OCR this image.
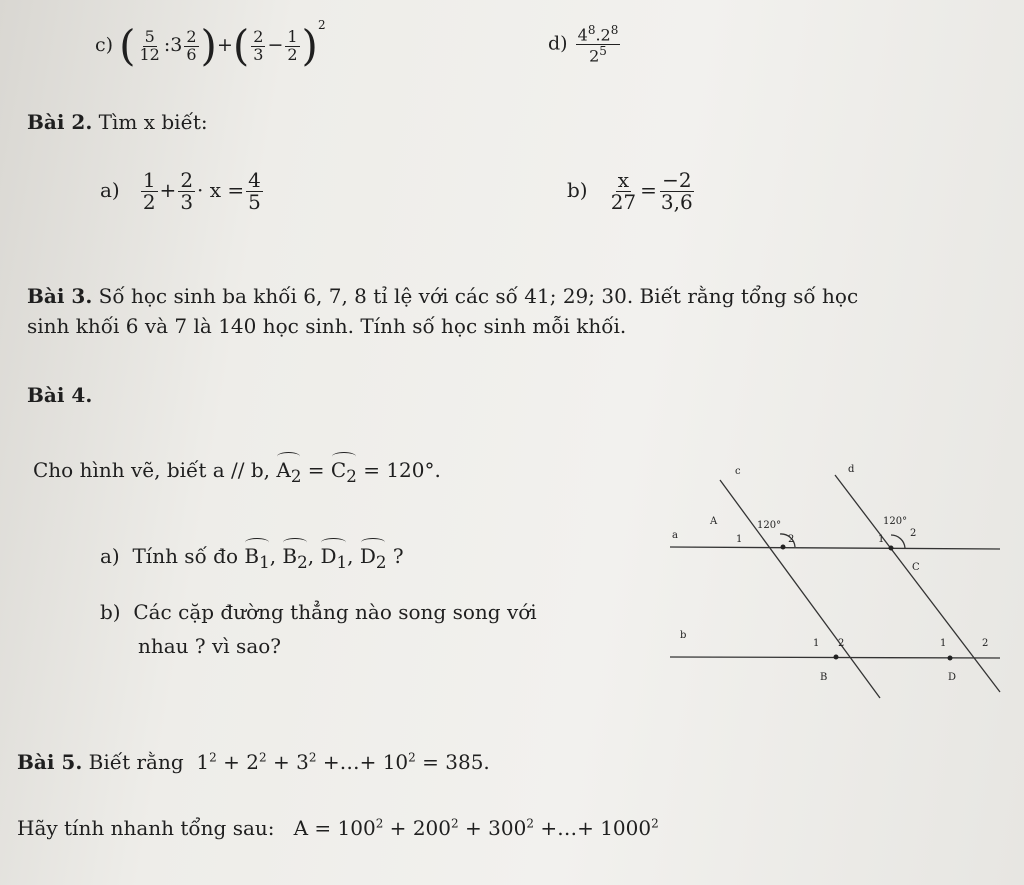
c) ( $\frac{5}{12}$ :3 $\frac{2}{6}$ )+( $\frac{2}{3} - \frac{1}{2} )^2$
$d) \frac{4^8.2^8}{2^5}$
Bài 2. Tìm x biết:
$a) \frac{1}{2} + \frac{2}{3} \cdot x = \frac{4}{5}$	$b) \frac{x}{27} = \frac{-2}{3,6}$
Bài 3. Số học sinh ba khối 6, 7, 8 tỉ lệ với các số 41; 29; 30. Biết rằng tổng số học
sinh khối 6 và 7 là 140 học sinh. Tính số học sinh mỗi khối.
Bài 4.
Cho hình vẽ, biết a // b, $A_2 = C_2 = 120^\circ$.
a) Tính số đo $B_1$, $B_2$, $D_1$, $D_2$ ?
b) Các cặp đường thẳng nào song song với
nhau ? vì sao?
c	d
a
b
A
C
B	D
120°	120°
1	2	1
2
1 2	1	2
Bài 5. Biết rằng $1^2 + 2^2 + 3^2$ +…+ $10^2 = 385$.
Hãy tính nhanh tổng sau: $A = 100^2 + 200^2 + 300^2$ +…+ $1000^2$
